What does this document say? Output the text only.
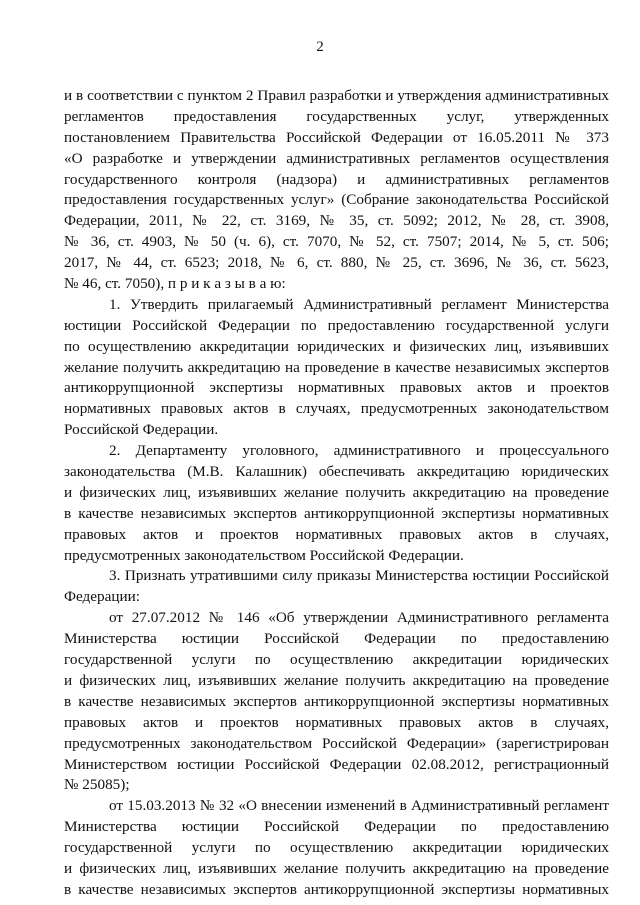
2
и в соответствии с пунктом 2 Правил разработки и утверждения административных
регламентов предоставления государственных услуг, утвержденных
постановлением Правительства Российской Федерации от 16.05.2011 № 373
«О разработке и утверждении административных регламентов осуществления
государственного контроля (надзора) и административных регламентов
предоставления государственных услуг» (Собрание законодательства Российской
Федерации, 2011, № 22, ст. 3169, № 35, ст. 5092; 2012, № 28, ст. 3908,
№ 36, ст. 4903, № 50 (ч. 6), ст. 7070, № 52, ст. 7507; 2014, № 5, ст. 506;
2017, № 44, ст. 6523; 2018, № 6, ст. 880, № 25, ст. 3696, № 36, ст. 5623,
№ 46, ст. 7050), п р и к а з ы в а ю:
1. Утвердить прилагаемый Административный регламент Министерства
юстиции Российской Федерации по предоставлению государственной услуги
по осуществлению аккредитации юридических и физических лиц, изъявивших
желание получить аккредитацию на проведение в качестве независимых экспертов
антикоррупционной экспертизы нормативных правовых актов и проектов
нормативных правовых актов в случаях, предусмотренных законодательством
Российской Федерации.
2. Департаменту уголовного, административного и процессуального
законодательства (М.В. Калашник) обеспечивать аккредитацию юридических
и физических лиц, изъявивших желание получить аккредитацию на проведение
в качестве независимых экспертов антикоррупционной экспертизы нормативных
правовых актов и проектов нормативных правовых актов в случаях,
предусмотренных законодательством Российской Федерации.
3. Признать утратившими силу приказы Министерства юстиции Российской
Федерации:
от 27.07.2012 № 146 «Об утверждении Административного регламента
Министерства юстиции Российской Федерации по предоставлению
государственной услуги по осуществлению аккредитации юридических
и физических лиц, изъявивших желание получить аккредитацию на проведение
в качестве независимых экспертов антикоррупционной экспертизы нормативных
правовых актов и проектов нормативных правовых актов в случаях,
предусмотренных законодательством Российской Федерации» (зарегистрирован
Министерством юстиции Российской Федерации 02.08.2012, регистрационный
№ 25085);
от 15.03.2013 № 32 «О внесении изменений в Административный регламент
Министерства юстиции Российской Федерации по предоставлению
государственной услуги по осуществлению аккредитации юридических
и физических лиц, изъявивших желание получить аккредитацию на проведение
в качестве независимых экспертов антикоррупционной экспертизы нормативных
